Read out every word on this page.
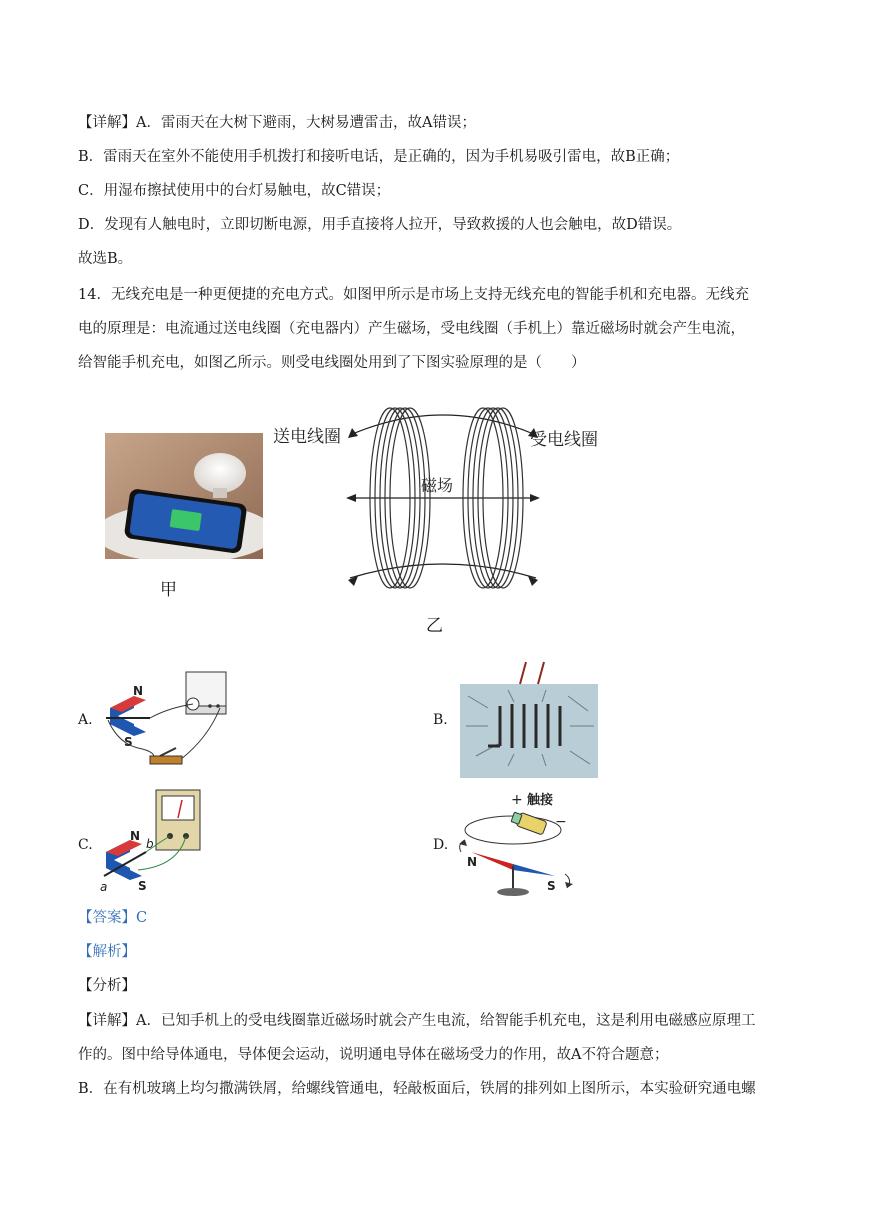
【详解】A．雷雨天在大树下避雨，大树易遭雷击，故A错误；
B．雷雨天在室外不能使用手机拨打和接听电话，是正确的，因为手机易吸引雷电，故B正确；
C．用湿布擦拭使用中的台灯易触电，故C错误；
D．发现有人触电时，立即切断电源，用手直接将人拉开，导致救援的人也会触电，故D错误。
故选B。
14．无线充电是一种更便捷的充电方式。如图甲所示是市场上支持无线充电的智能手机和充电器。无线充
电的原理是：电流通过送电线圈（充电器内）产生磁场，受电线圈（手机上）靠近磁场时就会产生电流，
给智能手机充电，如图乙所示。则受电线圈处用到了下图实验原理的是（　　）
甲
送电线圈	受电线圈
磁场
乙
A.
N
S
B.
C.
N
S
a
b	D.
+ 触接
−
N
S
【答案】C
【解析】
【分析】
【详解】A．已知手机上的受电线圈靠近磁场时就会产生电流，给智能手机充电，这是利用电磁感应原理工
作的。图中给导体通电，导体便会运动，说明通电导体在磁场受力的作用，故A不符合题意；
B．在有机玻璃上均匀撒满铁屑，给螺线管通电，轻敲板面后，铁屑的排列如上图所示，本实验研究通电螺
